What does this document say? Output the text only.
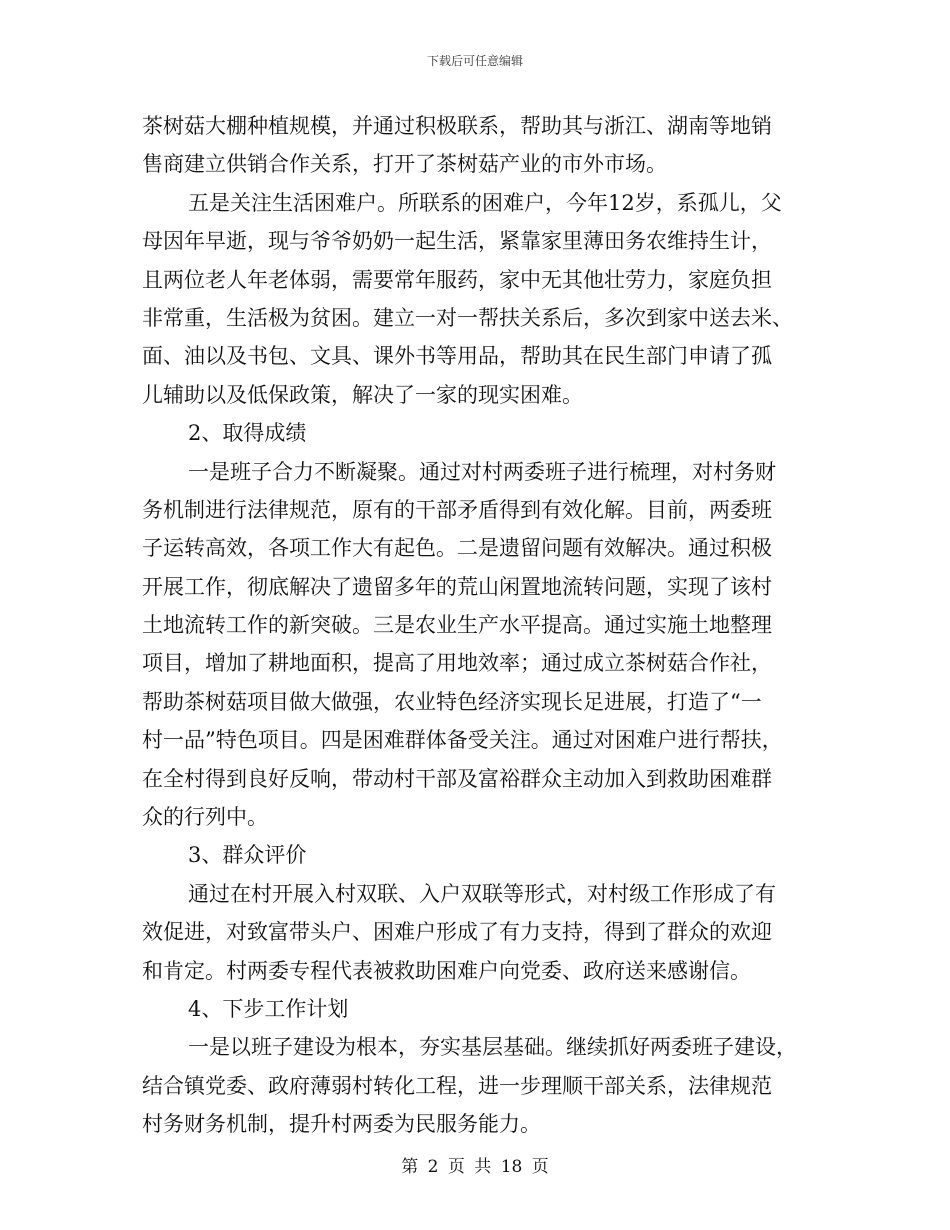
下载后可任意编辑
茶树菇大棚种植规模，并通过积极联系，帮助其与浙江、湖南等地销
售商建立供销合作关系，打开了茶树菇产业的市外市场。
五是关注生活困难户。所联系的困难户，今年12岁，系孤儿，父
母因年早逝，现与爷爷奶奶一起生活，紧靠家里薄田务农维持生计，
且两位老人年老体弱，需要常年服药，家中无其他壮劳力，家庭负担
非常重，生活极为贫困。建立一对一帮扶关系后，多次到家中送去米、
面、油以及书包、文具、课外书等用品，帮助其在民生部门申请了孤
儿辅助以及低保政策，解决了一家的现实困难。
2、取得成绩
一是班子合力不断凝聚。通过对村两委班子进行梳理，对村务财
务机制进行法律规范，原有的干部矛盾得到有效化解。目前，两委班
子运转高效，各项工作大有起色。二是遗留问题有效解决。通过积极
开展工作，彻底解决了遗留多年的荒山闲置地流转问题，实现了该村
土地流转工作的新突破。三是农业生产水平提高。通过实施土地整理
项目，增加了耕地面积，提高了用地效率；通过成立茶树菇合作社，
帮助茶树菇项目做大做强，农业特色经济实现长足进展，打造了“一
村一品”特色项目。四是困难群体备受关注。通过对困难户进行帮扶，
在全村得到良好反响，带动村干部及富裕群众主动加入到救助困难群
众的行列中。
3、群众评价
通过在村开展入村双联、入户双联等形式，对村级工作形成了有
效促进，对致富带头户、困难户形成了有力支持，得到了群众的欢迎
和肯定。村两委专程代表被救助困难户向党委、政府送来感谢信。
4、下步工作计划
一是以班子建设为根本，夯实基层基础。继续抓好两委班子建设，
结合镇党委、政府薄弱村转化工程，进一步理顺干部关系，法律规范
村务财务机制，提升村两委为民服务能力。
第 2 页 共 18 页
